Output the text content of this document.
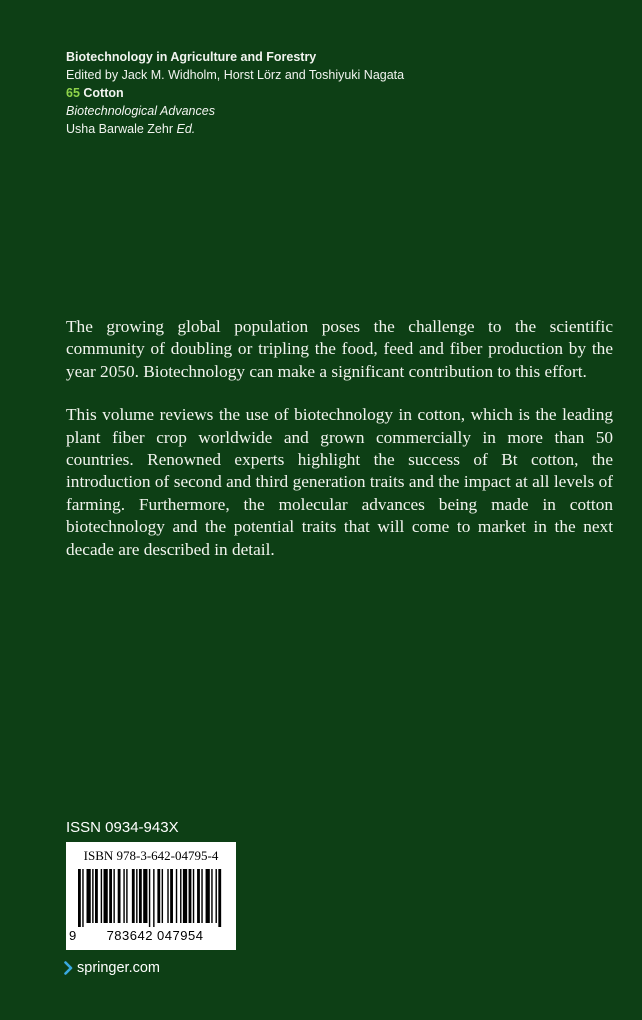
Biotechnology in Agriculture and Forestry
Edited by Jack M. Widholm, Horst Lörz and Toshiyuki Nagata
65 Cotton
Biotechnological Advances
Usha Barwale Zehr Ed.

The growing global population poses the challenge to the scientific community of doubling or tripling the food, feed and fiber production by the year 2050. Biotechnology can make a significant contribution to this effort.

This volume reviews the use of biotechnology in cotton, which is the leading plant fiber crop worldwide and grown commercially in more than 50 countries. Renowned experts highlight the success of Bt cotton, the introduction of second and third generation traits and the impact at all levels of farming. Furthermore, the molecular advances being made in cotton biotechnology and the potential traits that will come to market in the next decade are described in detail.

ISSN 0934-943X
ISBN 978-3-642-04795-4
9	783642 047954
springer.com
